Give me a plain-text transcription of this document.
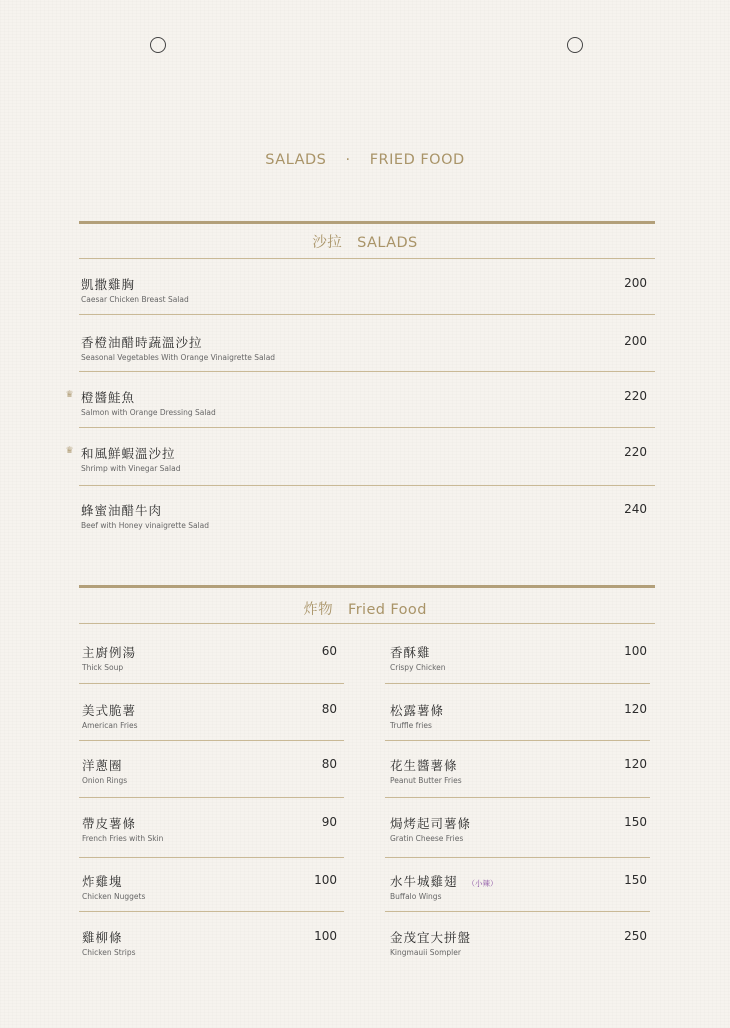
SALADS · FRIED FOOD
沙拉 SALADS
凱撒雞胸
Caesar Chicken Breast Salad
200
香橙油醋時蔬溫沙拉
Seasonal Vegetables With Orange Vinaigrette Salad
200
橙醬鮭魚
Salmon with Orange Dressing Salad
220
♛
和風鮮蝦溫沙拉
Shrimp with Vinegar Salad
220
♛
蜂蜜油醋牛肉
Beef with Honey vinaigrette Salad
240
炸物 Fried Food
主廚例湯
Thick Soup
60
美式脆薯
American Fries
80
洋蔥圈
Onion Rings
80
帶皮薯條
French Fries with Skin
90
炸雞塊
Chicken Nuggets
100
雞柳條
Chicken Strips
100
香酥雞
Crispy Chicken
100
松露薯條
Truffle fries
120
花生醬薯條
Peanut Butter Fries
120
焗烤起司薯條
Gratin Cheese Fries
150
水牛城雞翅 （小辣）
Buffalo Wings
150
金茂宜大拼盤
Kingmauii Sompler
250
